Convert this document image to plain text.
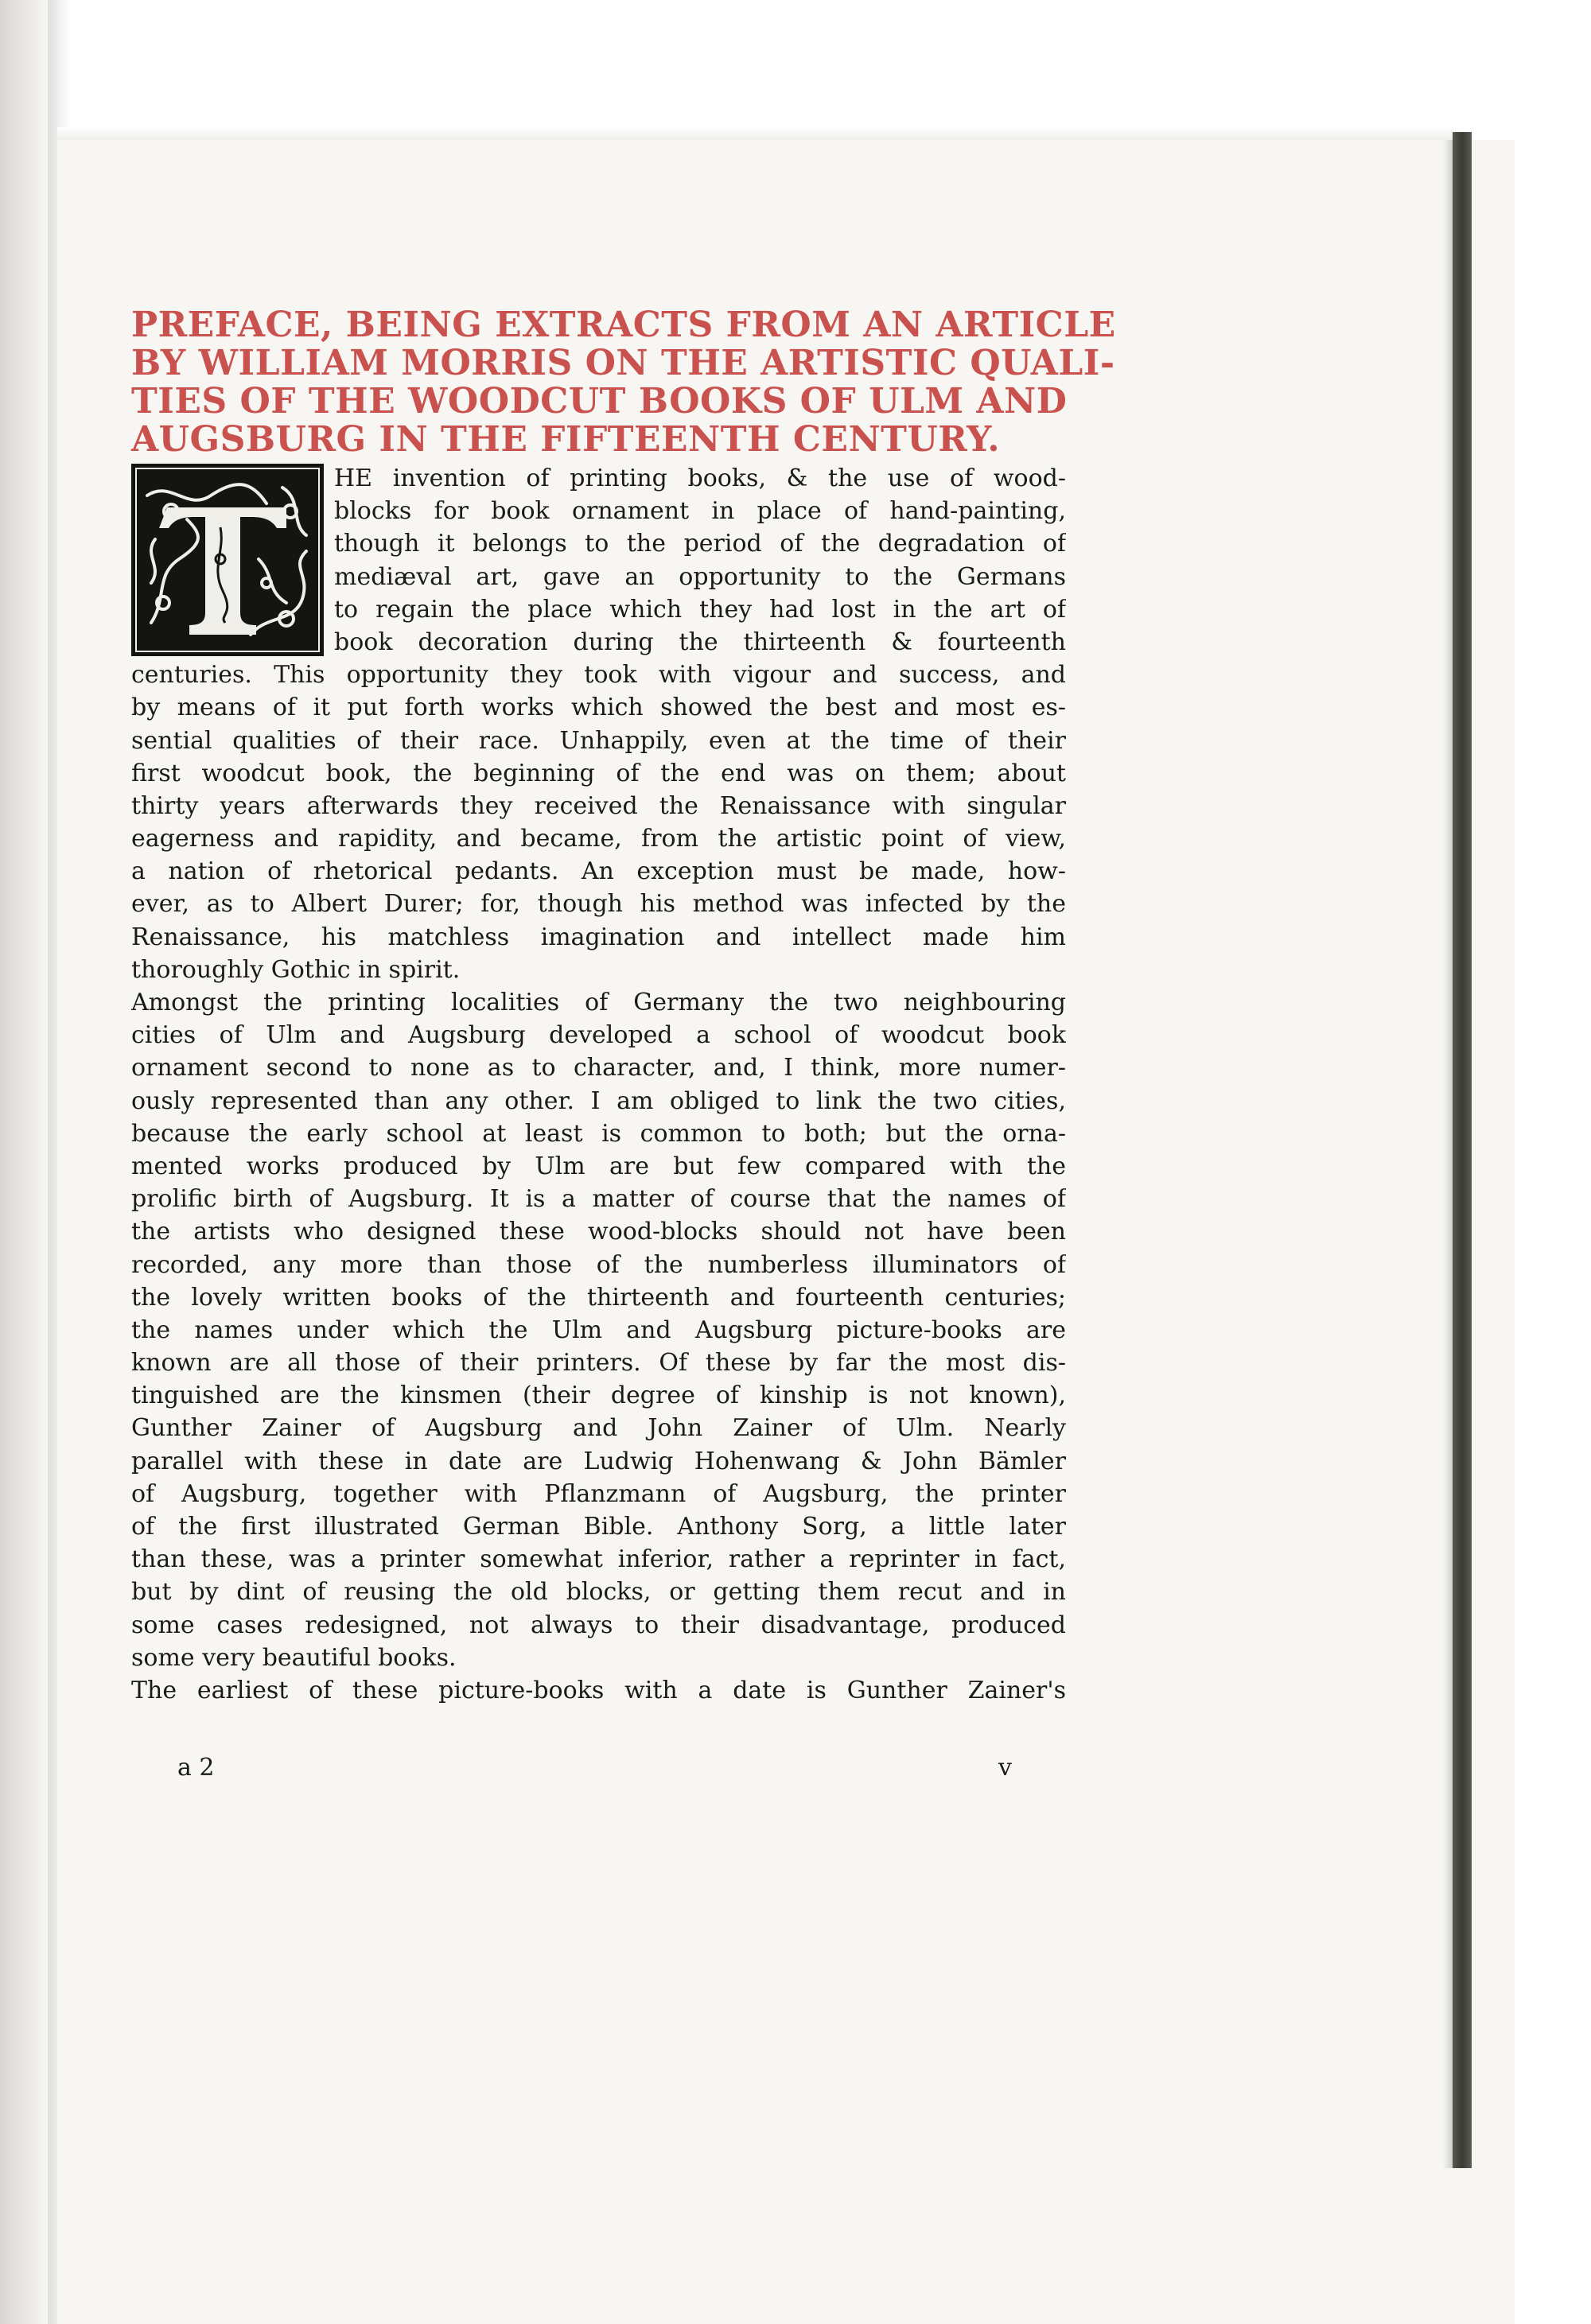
PREFACE, BEING EXTRACTS FROM AN ARTICLE
BY WILLIAM MORRIS ON THE ARTISTIC QUALI-
TIES OF THE WOODCUT BOOKS OF ULM AND
AUGSBURG IN THE FIFTEENTH CENTURY.
HE invention of printing books, & the use of wood-
blocks for book ornament in place of hand-painting,
though it belongs to the period of the degradation of
mediæval art, gave an opportunity to the Germans
to regain the place which they had lost in the art of
book decoration during the thirteenth & fourteenth
centuries. This opportunity they took with vigour and success, and
by means of it put forth works which showed the best and most es-
sential qualities of their race. Unhappily, even at the time of their
first woodcut book, the beginning of the end was on them; about
thirty years afterwards they received the Renaissance with singular
eagerness and rapidity, and became, from the artistic point of view,
a nation of rhetorical pedants. An exception must be made, how-
ever, as to Albert Durer; for, though his method was infected by the
Renaissance, his matchless imagination and intellect made him
thoroughly Gothic in spirit.
Amongst the printing localities of Germany the two neighbouring
cities of Ulm and Augsburg developed a school of woodcut book
ornament second to none as to character, and, I think, more numer-
ously represented than any other. I am obliged to link the two cities,
because the early school at least is common to both; but the orna-
mented works produced by Ulm are but few compared with the
prolific birth of Augsburg. It is a matter of course that the names of
the artists who designed these wood-blocks should not have been
recorded, any more than those of the numberless illuminators of
the lovely written books of the thirteenth and fourteenth centuries;
the names under which the Ulm and Augsburg picture-books are
known are all those of their printers. Of these by far the most dis-
tinguished are the kinsmen (their degree of kinship is not known),
Gunther Zainer of Augsburg and John Zainer of Ulm. Nearly
parallel with these in date are Ludwig Hohenwang & John Bämler
of Augsburg, together with Pflanzmann of Augsburg, the printer
of the first illustrated German Bible. Anthony Sorg, a little later
than these, was a printer somewhat inferior, rather a reprinter in fact,
but by dint of reusing the old blocks, or getting them recut and in
some cases redesigned, not always to their disadvantage, produced
some very beautiful books.
The earliest of these picture-books with a date is Gunther Zainer's
a 2	v
